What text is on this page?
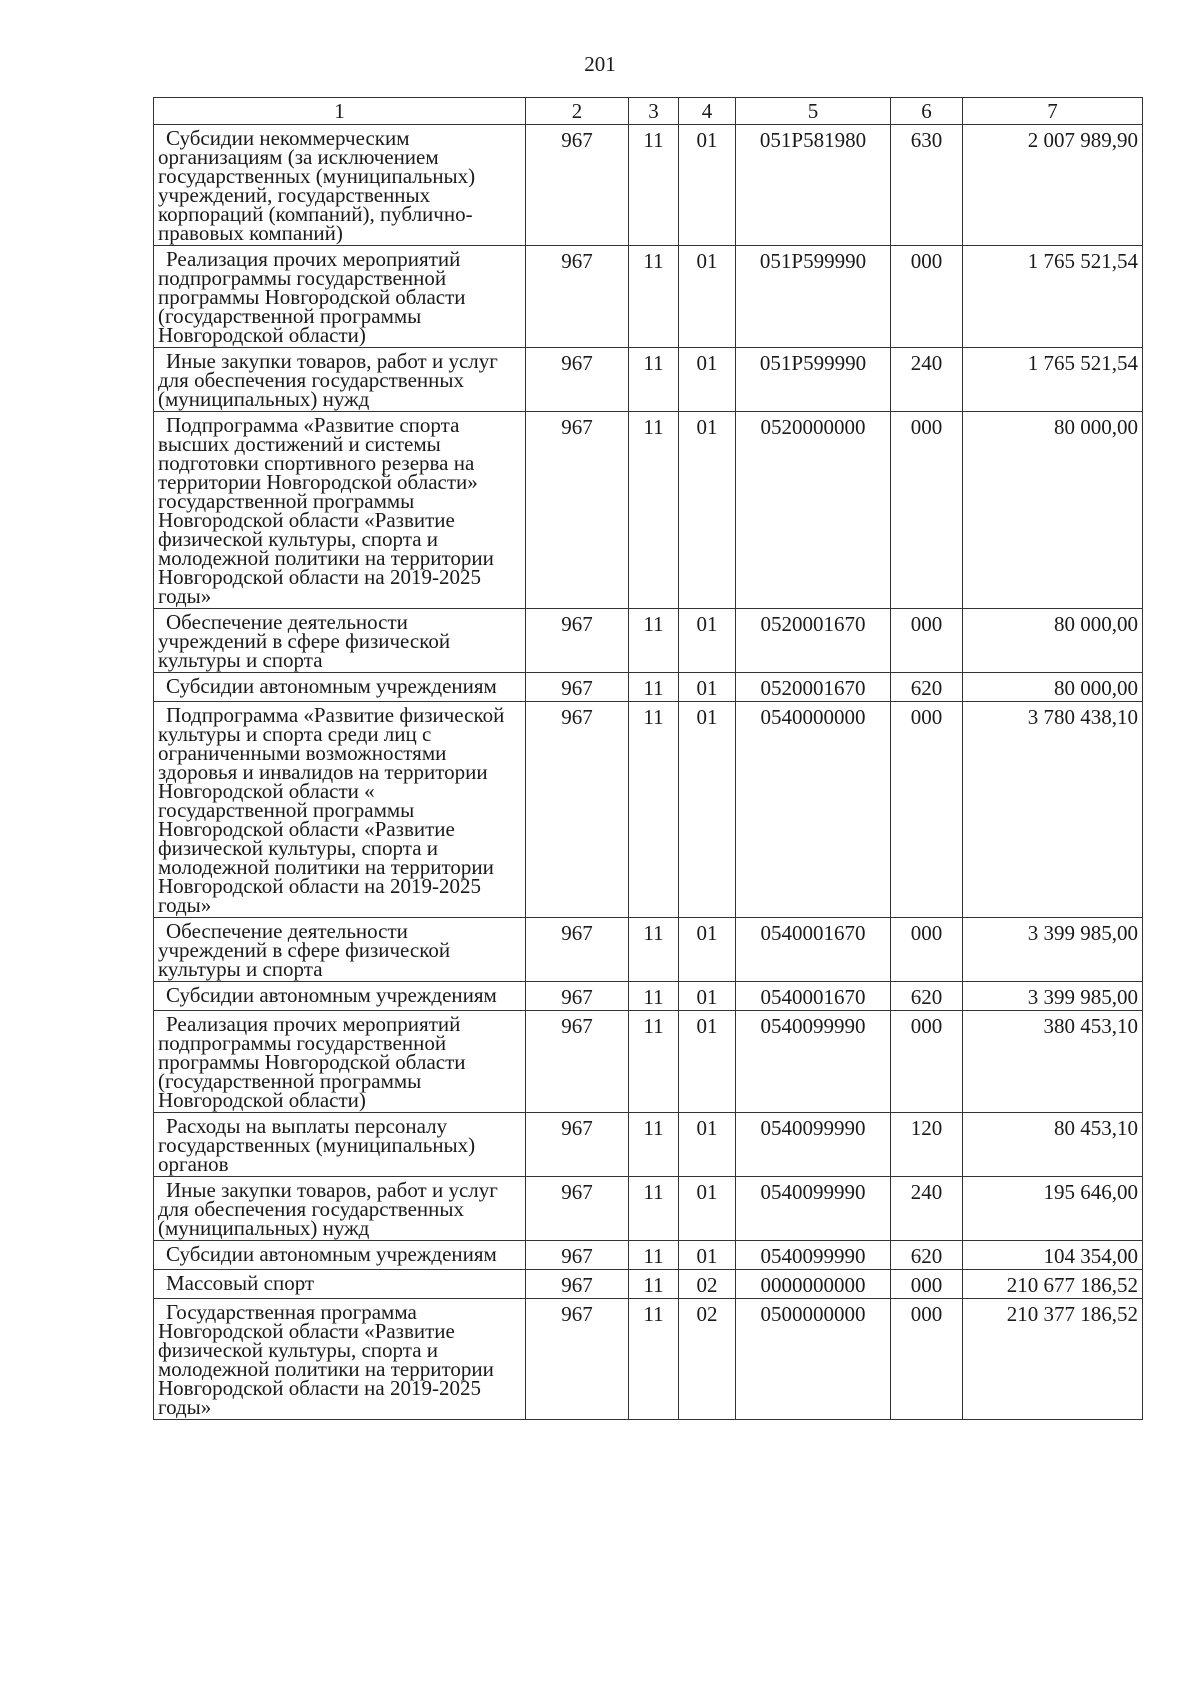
201
1	2	3	4	5	6	7

Субсидии некоммерческим организациям (за исключением государственных (муниципальных) учреждений, государственных корпораций (компаний), публично-правовых компаний)	967	11	01	051P581980	630	2 007 989,90

Реализация прочих мероприятий подпрограммы государственной программы Новгородской области (государственной программы Новгородской области)	967	11	01	051P599990	000	1 765 521,54

Иные закупки товаров, работ и услуг для обеспечения государственных (муниципальных) нужд	967	11	01	051P599990	240	1 765 521,54

Подпрограмма «Развитие спорта высших достижений и системы подготовки спортивного резерва на территории Новгородской области» государственной программы Новгородской области «Развитие физической культуры, спорта и молодежной политики на территории Новгородской области на 2019-2025 годы»	967	11	01	0520000000	000	80 000,00

Обеспечение деятельности учреждений в сфере физической культуры и спорта	967	11	01	0520001670	000	80 000,00

Субсидии автономным учреждениям	967	11	01	0520001670	620	80 000,00

Подпрограмма «Развитие физической культуры и спорта среди лиц с ограниченными возможностями здоровья и инвалидов на территории Новгородской области « государственной программы Новгородской области «Развитие физической культуры, спорта и молодежной политики на территории Новгородской области на 2019-2025 годы»	967	11	01	0540000000	000	3 780 438,10

Обеспечение деятельности учреждений в сфере физической культуры и спорта	967	11	01	0540001670	000	3 399 985,00

Субсидии автономным учреждениям	967	11	01	0540001670	620	3 399 985,00

Реализация прочих мероприятий подпрограммы государственной программы Новгородской области (государственной программы Новгородской области)	967	11	01	0540099990	000	380 453,10

Расходы на выплаты персоналу государственных (муниципальных) органов	967	11	01	0540099990	120	80 453,10

Иные закупки товаров, работ и услуг для обеспечения государственных (муниципальных) нужд	967	11	01	0540099990	240	195 646,00

Субсидии автономным учреждениям	967	11	01	0540099990	620	104 354,00

Массовый спорт	967	11	02	0000000000	000	210 677 186,52

Государственная программа Новгородской области «Развитие физической культуры, спорта и молодежной политики на территории Новгородской области на 2019-2025 годы»	967	11	02	0500000000	000	210 377 186,52
